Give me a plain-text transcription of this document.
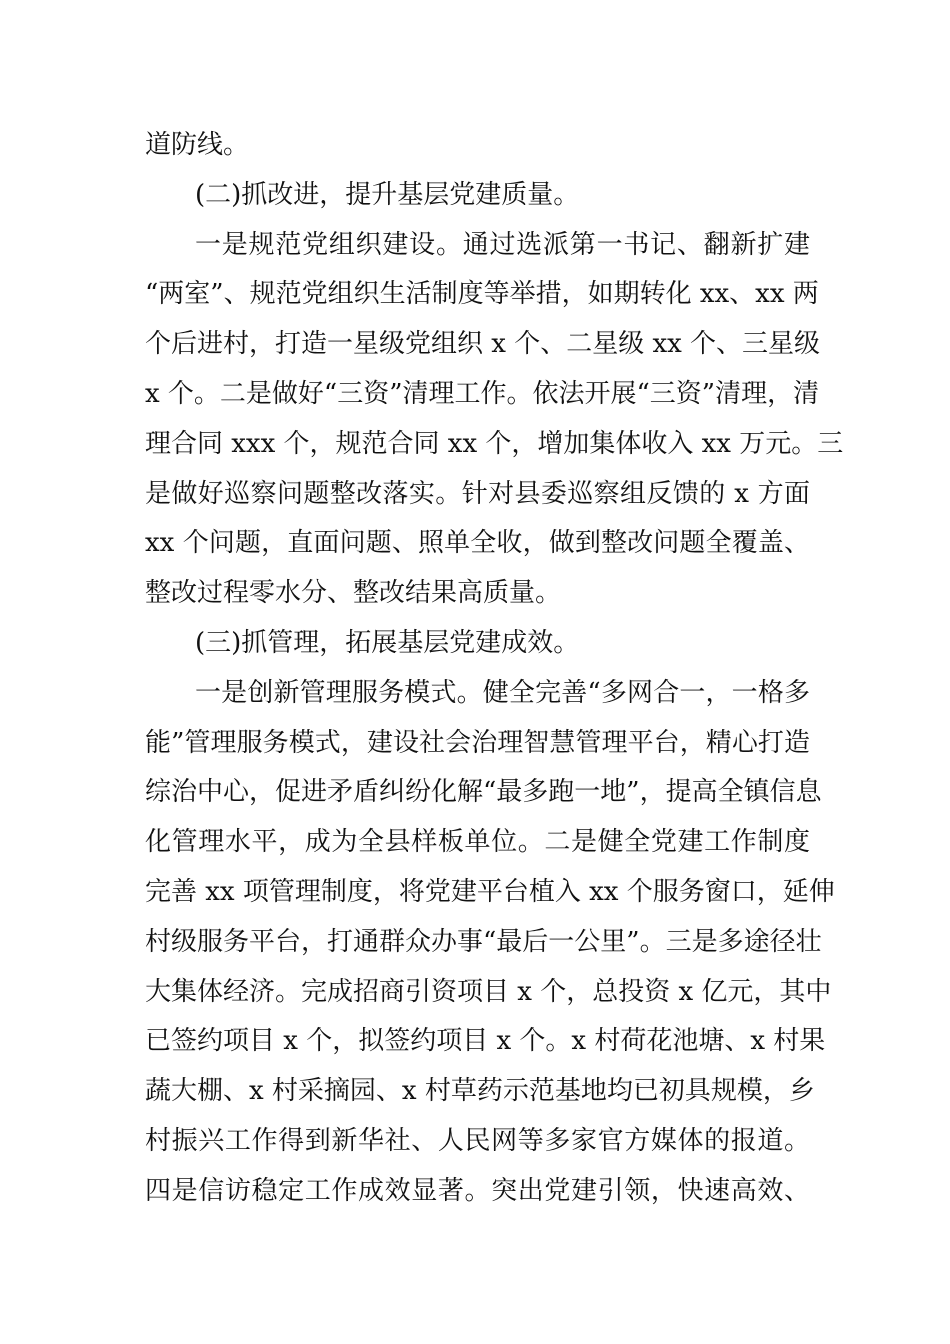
道防线。
(二)抓改进，提升基层党建质量。
一是规范党组织建设。通过选派第一书记、翻新扩建
“两室”、规范党组织生活制度等举措，如期转化 xx、xx 两
个后进村，打造一星级党组织 x 个、二星级 xx 个、三星级
x 个。二是做好“三资”清理工作。依法开展“三资”清理，清
理合同 xxx 个，规范合同 xx 个，增加集体收入 xx 万元。三
是做好巡察问题整改落实。针对县委巡察组反馈的 x 方面
xx 个问题，直面问题、照单全收，做到整改问题全覆盖、
整改过程零水分、整改结果高质量。
(三)抓管理，拓展基层党建成效。
一是创新管理服务模式。健全完善“多网合一，一格多
能”管理服务模式，建设社会治理智慧管理平台，精心打造
综治中心，促进矛盾纠纷化解“最多跑一地”，提高全镇信息
化管理水平，成为全县样板单位。二是健全党建工作制度
完善 xx 项管理制度，将党建平台植入 xx 个服务窗口，延伸
村级服务平台，打通群众办事“最后一公里”。三是多途径壮
大集体经济。完成招商引资项目 x 个，总投资 x 亿元，其中
已签约项目 x 个，拟签约项目 x 个。x 村荷花池塘、x 村果
蔬大棚、x 村采摘园、x 村草药示范基地均已初具规模，乡
村振兴工作得到新华社、人民网等多家官方媒体的报道。
四是信访稳定工作成效显著。突出党建引领，快速高效、
